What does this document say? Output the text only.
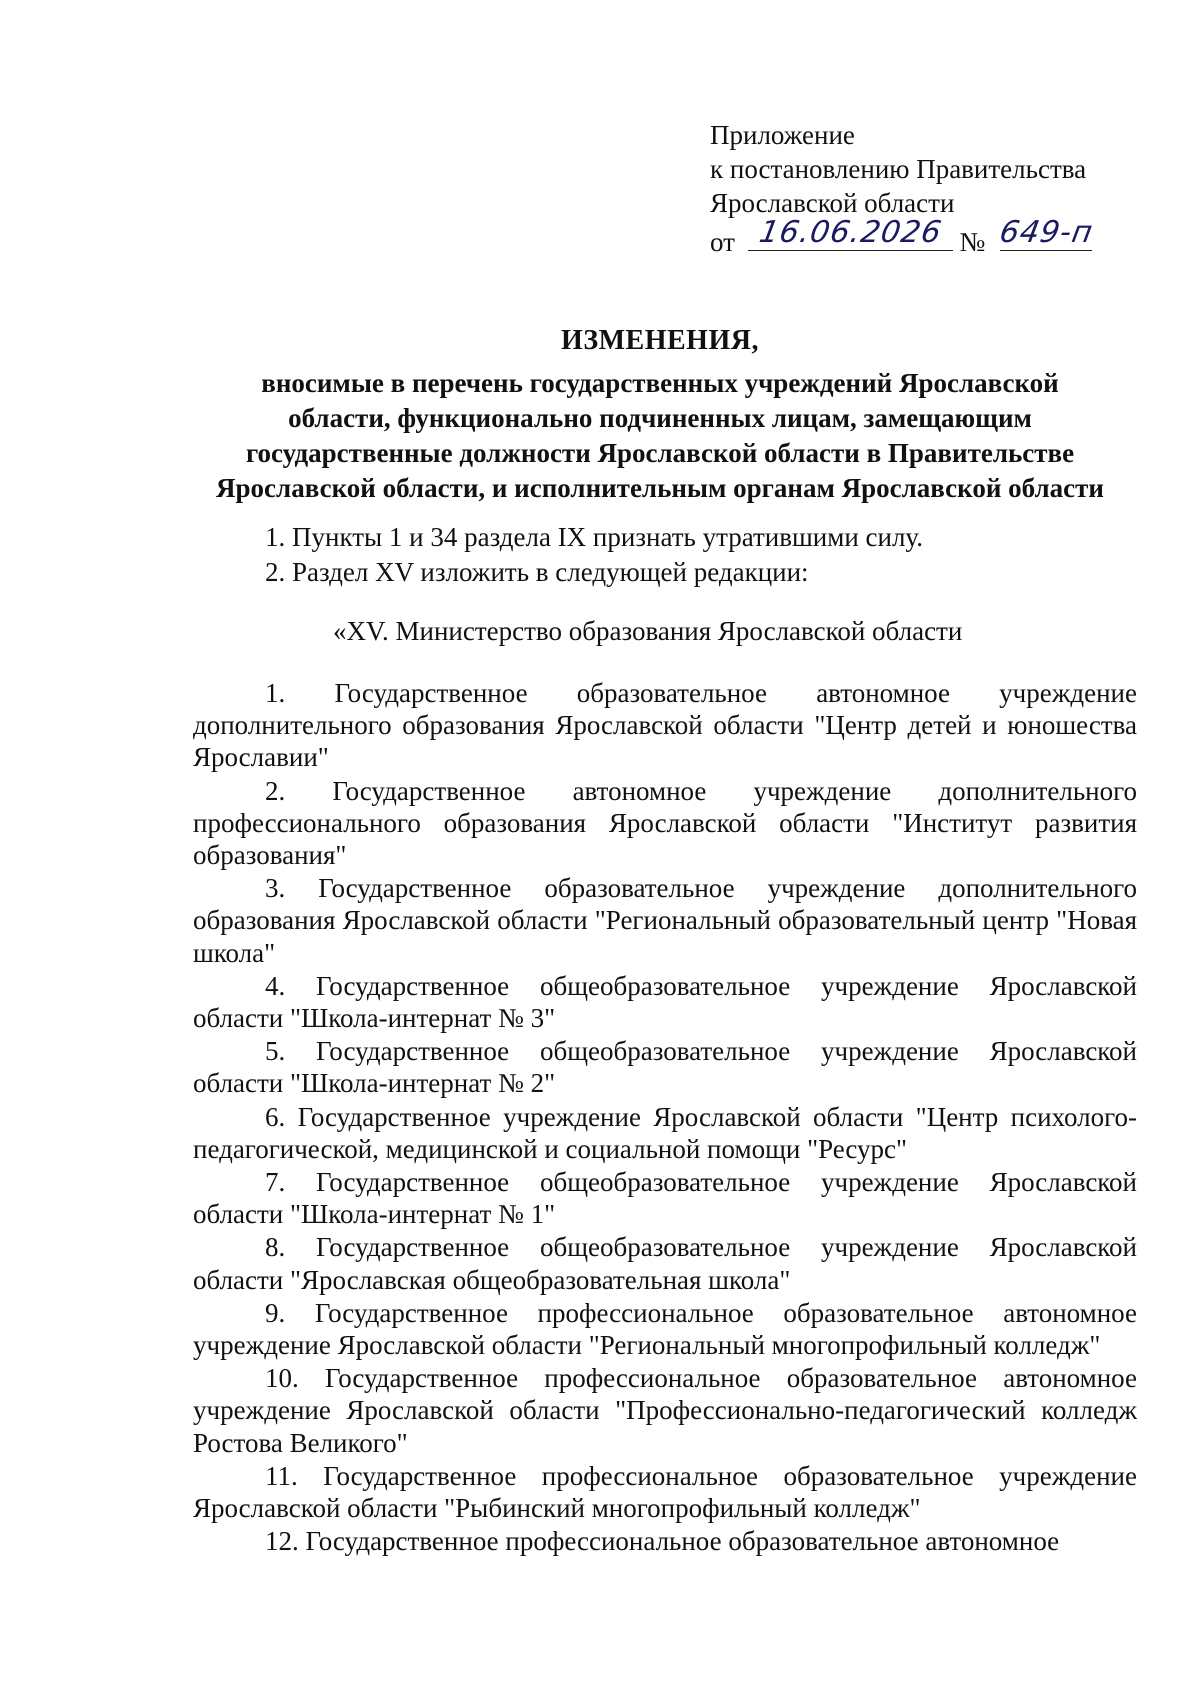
Приложение
к постановлению Правительства
Ярославской области
от 16.06.2026 № 649-п
ИЗМЕНЕНИЯ,
вносимые в перечень государственных учреждений Ярославской
области, функционально подчиненных лицам, замещающим
государственные должности Ярославской области в Правительстве
Ярославской области, и исполнительным органам Ярославской области
1. Пункты 1 и 34 раздела IX признать утратившими силу.
2. Раздел XV изложить в следующей редакции:
«XV. Министерство образования Ярославской области
1. Государственное образовательное автономное учреждение дополнительного образования Ярославской области "Центр детей и юношества Ярославии"
2. Государственное автономное учреждение дополнительного профессионального образования Ярославской области "Институт развития образования"
3. Государственное образовательное учреждение дополнительного образования Ярославской области "Региональный образовательный центр "Новая школа"
4. Государственное общеобразовательное учреждение Ярославской области "Школа-интернат № 3"
5. Государственное общеобразовательное учреждение Ярославской области "Школа-интернат № 2"
6. Государственное учреждение Ярославской области "Центр психолого-педагогической, медицинской и социальной помощи "Ресурс"
7. Государственное общеобразовательное учреждение Ярославской области "Школа-интернат № 1"
8. Государственное общеобразовательное учреждение Ярославской области "Ярославская общеобразовательная школа"
9. Государственное профессиональное образовательное автономное учреждение Ярославской области "Региональный многопрофильный колледж"
10. Государственное профессиональное образовательное автономное учреждение Ярославской области "Профессионально-педагогический колледж Ростова Великого"
11. Государственное профессиональное образовательное учреждение Ярославской области "Рыбинский многопрофильный колледж"
12. Государственное профессиональное образовательное автономное
